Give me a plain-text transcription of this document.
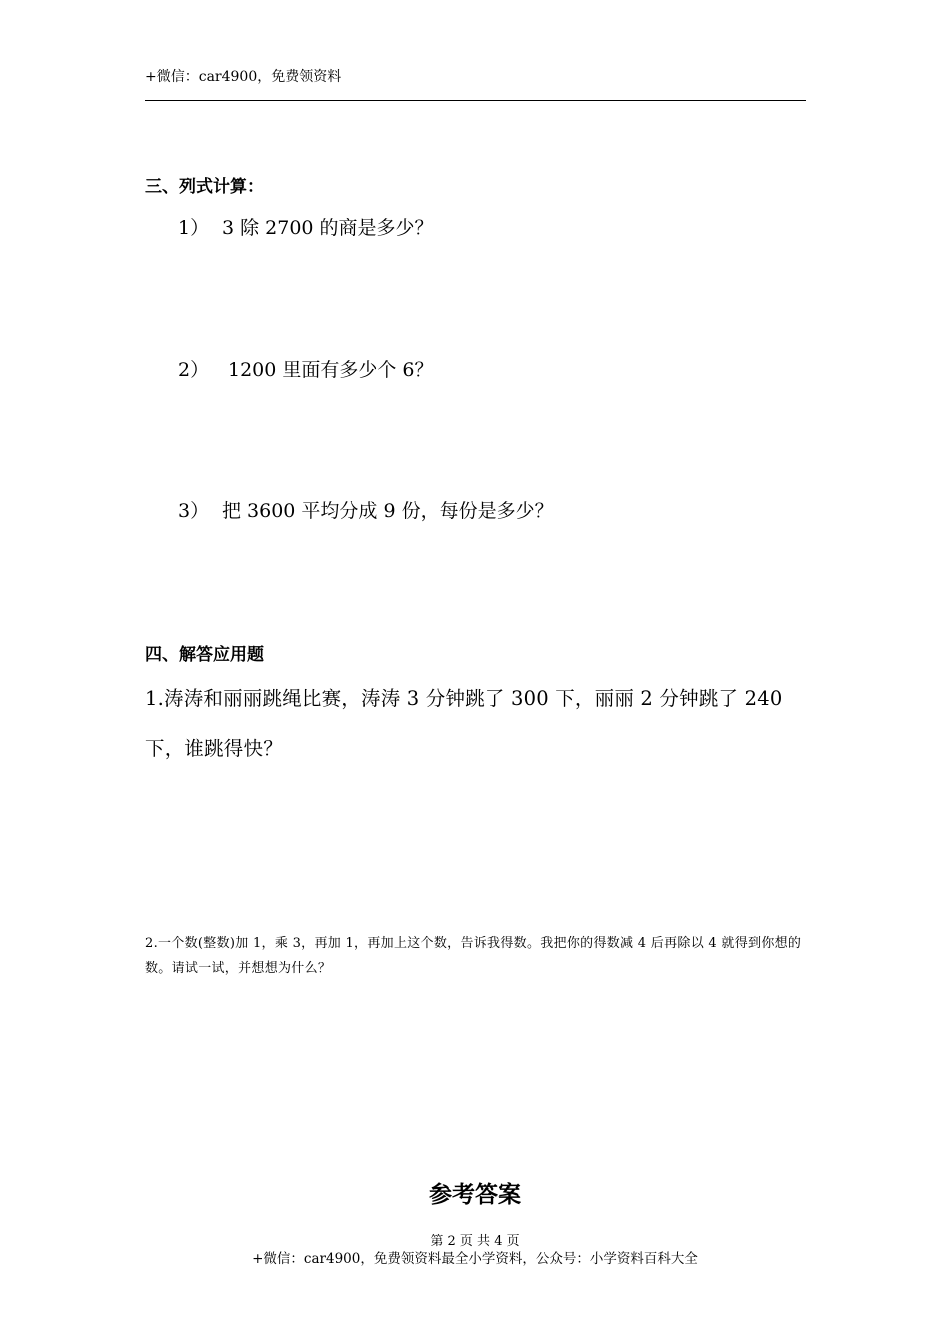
+微信：car4900，免费领资料
三、列式计算：
1） 3 除 2700 的商是多少？
2） 1200 里面有多少个 6？
3） 把 3600 平均分成 9 份，每份是多少？
四、解答应用题
1.涛涛和丽丽跳绳比赛，涛涛 3 分钟跳了 300 下，丽丽 2 分钟跳了 240
下，谁跳得快？
2.一个数(整数)加 1，乘 3，再加 1，再加上这个数，告诉我得数。我把你的得数减 4 后再除以 4 就得到你想的
数。请试一试，并想想为什么？
参考答案
第 2 页 共 4 页
+微信：car4900，免费领资料最全小学资料，公众号：小学资料百科大全
